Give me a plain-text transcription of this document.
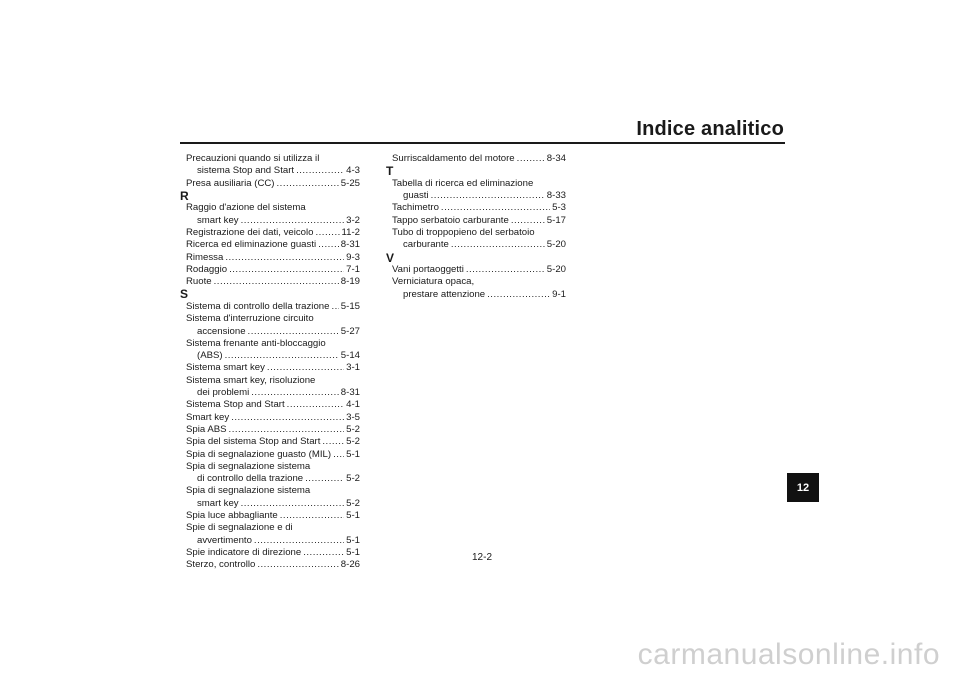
Indice analitico
Precauzioni quando si utilizza il
sistema Stop and Start .....	4-3
Presa ausiliaria (CC) .....	5-25
R
Raggio d'azione del sistema
smart key .....	3-2
Registrazione dei dati, veicolo .....	11-2
Ricerca ed eliminazione guasti .....	8-31
Rimessa .....	9-3
Rodaggio .....	7-1
Ruote .....	8-19
S
Sistema di controllo della trazione ..... 5-15
Sistema d'interruzione circuito
accensione .....	5-27
Sistema frenante anti-bloccaggio
(ABS) .....	5-14
Sistema smart key .....	3-1
Sistema smart key, risoluzione
dei problemi .....	8-31
Sistema Stop and Start .....	4-1
Smart key .....	3-5
Spia ABS .....	5-2
Spia del sistema Stop and Start .....	5-2
Spia di segnalazione guasto (MIL) ..... 5-1
Spia di segnalazione sistema
di controllo della trazione .....	5-2
Spia di segnalazione sistema
smart key .....	5-2
Spia luce abbagliante .....	5-1
Spie di segnalazione e di
avvertimento .....	5-1
Spie indicatore di direzione .....	5-1
Sterzo, controllo .....	8-26
Surriscaldamento del motore .....	8-34
T
Tabella di ricerca ed eliminazione
guasti .....	8-33
Tachimetro .....	5-3
Tappo serbatoio carburante .....	5-17
Tubo di troppopieno del serbatoio
carburante .....	5-20
V
Vani portaoggetti .....	5-20
Verniciatura opaca,
prestare attenzione .....	9-1
12
12-2
carmanualsonline.info
